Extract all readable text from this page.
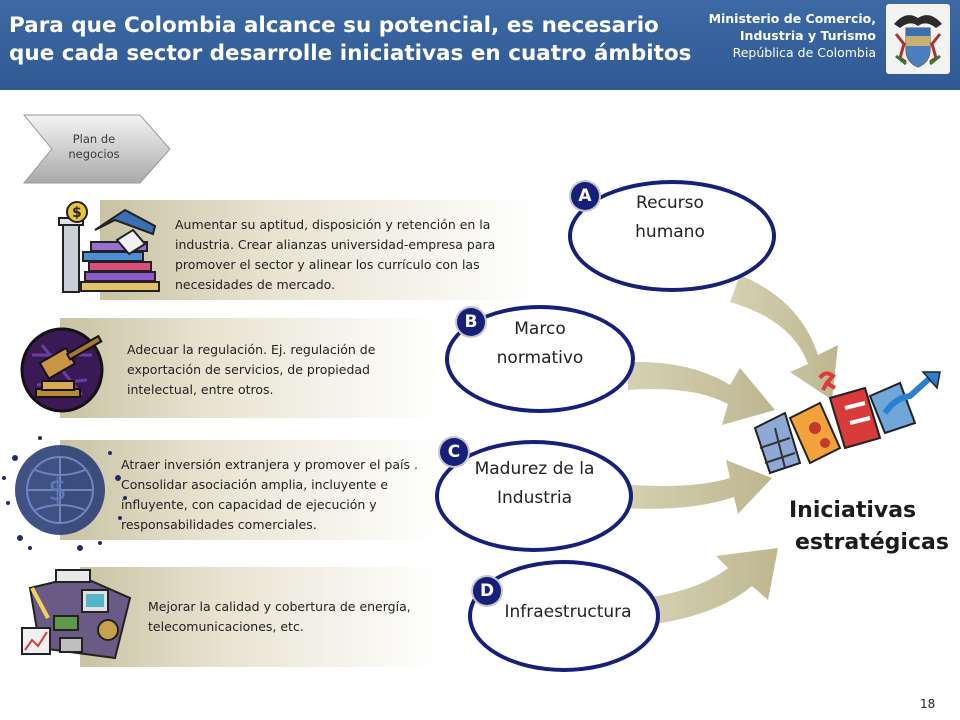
Para que Colombia alcance su potencial, es necesario que cada sector desarrolle iniciativas en cuatro ámbitos
Ministerio de Comercio,
Industria y Turismo
República de Colombia
Plan de
negocios
$
Aumentar su aptitud, disposición y retención en la industria. Crear alianzas universidad-empresa para promover el sector y alinear los currículo con las necesidades de mercado.
Adecuar la regulación. Ej. regulación de exportación de servicios, de propiedad intelectual, entre otros.
$
Atraer inversión extranjera y promover el país . Consolidar asociación amplia, incluyente e influyente, con capacidad de ejecución y responsabilidades comerciales.
Mejorar la calidad y cobertura de energía, telecomunicaciones, etc.
Recurso
humano
A
Marco
normativo
B
Madurez de la
Industria
C
Infraestructura
D
Iniciativas
estratégicas
18
